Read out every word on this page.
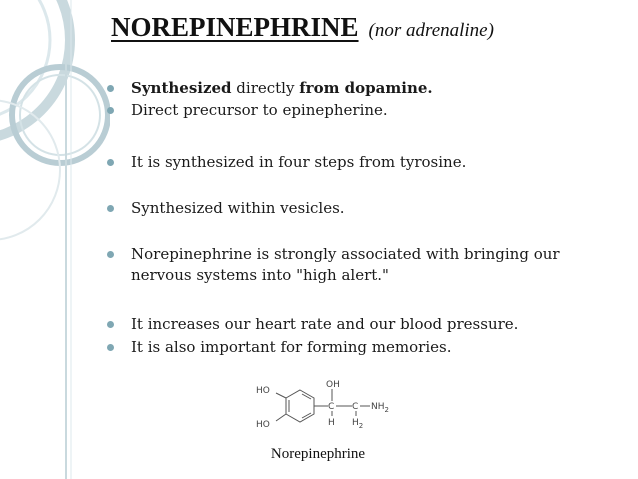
NOREPINEPHRINE (nor adrenaline)
Synthesized directly from dopamine.
Direct precursor to epinepherine.
It is synthesized in four steps from tyrosine.
Synthesized within vesicles.
Norepinephrine is strongly associated with bringing our
nervous systems into "high alert."
It increases our heart rate and our blood pressure.
It is also important for forming memories.
HO
HO
OH
C C $NH_2$
H $H_2$
Norepinephrine
